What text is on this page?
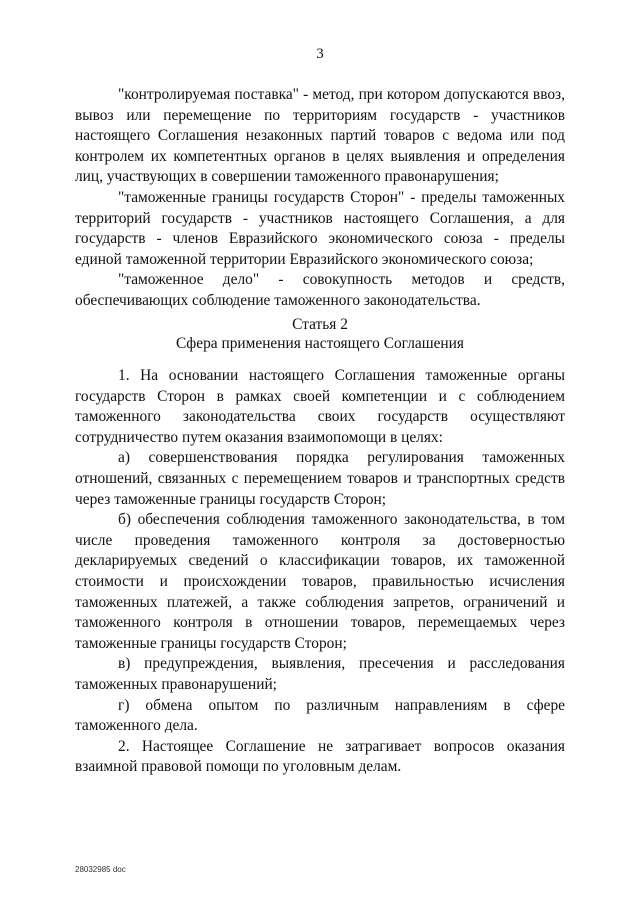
3

"контролируемая поставка" - метод, при котором допускаются ввоз, вывоз или перемещение по территориям государств - участников настоящего Соглашения незаконных партий товаров с ведома или под контролем их компетентных органов в целях выявления и определения лиц, участвующих в совершении таможенного правонарушения;

"таможенные границы государств Сторон" - пределы таможенных территорий государств - участников настоящего Соглашения, а для государств - членов Евразийского экономического союза - пределы единой таможенной территории Евразийского экономического союза;

"таможенное дело" - совокупность методов и средств, обеспечивающих соблюдение таможенного законодательства.

Статья 2
Сфера применения настоящего Соглашения

1. На основании настоящего Соглашения таможенные органы государств Сторон в рамках своей компетенции и с соблюдением таможенного законодательства своих государств осуществляют сотрудничество путем оказания взаимопомощи в целях:

а) совершенствования порядка регулирования таможенных отношений, связанных с перемещением товаров и транспортных средств через таможенные границы государств Сторон;

б) обеспечения соблюдения таможенного законодательства, в том числе проведения таможенного контроля за достоверностью декларируемых сведений о классификации товаров, их таможенной стоимости и происхождении товаров, правильностью исчисления таможенных платежей, а также соблюдения запретов, ограничений и таможенного контроля в отношении товаров, перемещаемых через таможенные границы государств Сторон;

в) предупреждения, выявления, пресечения и расследования таможенных правонарушений;

г) обмена опытом по различным направлениям в сфере таможенного дела.

2. Настоящее Соглашение не затрагивает вопросов оказания взаимной правовой помощи по уголовным делам.

28032985 doc
